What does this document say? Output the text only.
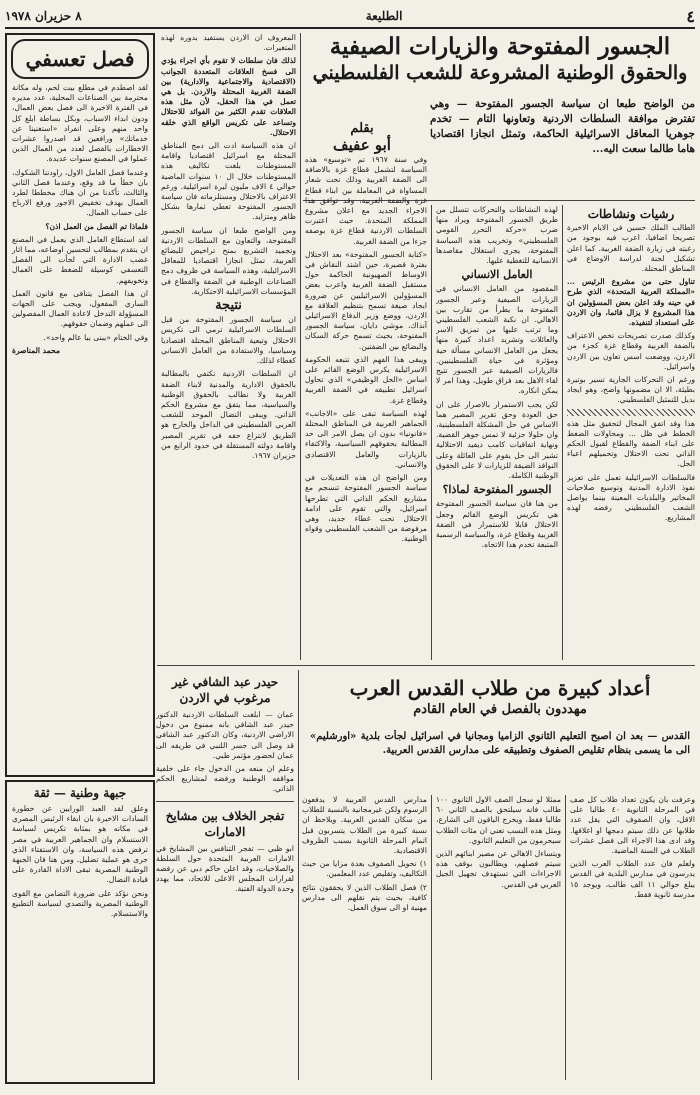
٤
الطليعة
٨ حزيران ١٩٧٨
الجسور المفتوحة والزيارات الصيفية
والحقوق الوطنية المشروعة للشعب الفلسطيني
من الواضح طبعا ان سياسة الجسور المفتوحة — وهي تفترض موافقة السلطات الاردنية وتعاونها التام — تخدم جوهريا المعاقل الاسرائيلية الحاكمة، وتمثل انجازا اقتصاديا هاما طالما سعت اليه...
بقلم
أبو عفيف
رشيات ونشاطات

الطالب الملك حسين في الايام الاخيرة تصريحا اضافيا، اعرب فيه بوجود من رغبته في زيارة الضفة الغربية. كما اعلن تشكيل لجنة لدراسة الاوضاع في المناطق المحتلة.

تناول حتى من مشروع الرئيس ... «المملكة العربية المتحدة» الذي طرح في حينه وقد اعلن بعض المسؤولين ان هذا المشروع لا يزال قائما، وان الاردن على استعداد لتنفيذه.

وكذلك صدرت تصريحات تخص الاعتراف بالضفة الغربية وقطاع غزة كجزء من الاردن، ووضعت اسس تعاون بين الاردن واسرائيل.

ورغم ان التحركات الجارية تسير بوتيرة بطيئة، الا ان مضمونها واضح، وهو ايجاد بديل للتمثيل الفلسطيني.

هذا وقد اتفق المجال لتحقيق مثل هذه الخطط في ظل ... ومحاولات الضغط على ابناء الضفة والقطاع لقبول الحكم الذاتي تحت الاحتلال وتحميلهم اعباء الحل.

فالسلطات الاسرائيلية تعمل على تعزيز نفوذ الادارة المدنية وتوسيع صلاحيات المخاتير والبلديات المعينة بينما يواصل الشعب الفلسطيني رفضه لهذه المشاريع.

لهذه النشاطات والتحركات تتسلل من طريق الجسور المفتوحة ويراد منها ضرب «حركة التحرر القومي الفلسطيني» وتخريب هذه السياسة المفتوحة، يجري استغلال مقاصدها الانسانية للتغطية عليها.

العامل الانساني

المقصود من العامل الانساني في الزيارات الصيفية وعبر الجسور المفتوحة ما يطرأ من تقارب بين الاهالي. ان نكبة الشعب الفلسطيني وما ترتب عليها من تمزيق الاسر والعائلات وتشريد اعداد كبيرة منها يجعل من العامل الانساني مسألة حية ومؤثرة في حياة الفلسطينيين. فالزيارات الصيفية عبر الجسور تتيح لقاء الاهل بعد فراق طويل، وهذا امر لا يمكن انكاره.

لكن يجب الاستمرار بالاصرار على ان حق العودة وحق تقرير المصير هما الاساس في حل المشكلة الفلسطينية، وان حلولا جزئية لا تمس جوهر القضية. ونهاية اتفاقيات كامب ديفيد الاحتلالية تشير الى حل يقوم على العائلة وعلى النوافذ الضيقة للزيارات لا على الحقوق الوطنية الكاملة.

الجسور المفتوحة لماذا؟

من هنا فان سياسة الجسور المفتوحة هي تكريس الوضع القائم وجعل الاحتلال قابلا للاستمرار في الضفة الغربية وقطاع غزة، والسياسة الرسمية المتبعة تخدم هذا الاتجاه.

وفي سنة ١٩٦٧ تم «توسيع» هذه السياسة لتشمل قطاع غزة بالاضافة الى الضفة الغربية وذلك تحت شعار المساواة في المعاملة بين ابناء قطاع غزة والضفة الغربية، وقد توافق هذا الاجراء الجديد مع اعلان مشروع المملكة المتحدة. حيث اعتبرت السلطات الاردنية قطاع غزة بوصفه جزءا من الضفة الغربية.

«كتابة الجسور المفتوحة» بعد الاحتلال بفترة قصيرة، حين اشتد النقاش في الاوساط الصهيونية الحاكمة حول مستقبل الضفة الغربية واعرب بعض المسؤولين الاسرائيليين عن ضرورة ايجاد صيغة تسمح بتنظيم العلاقة مع الاردن، ووضع وزير الدفاع الاسرائيلي آنذاك، موشي دايان، سياسة الجسور المفتوحة، بحيث تسمح حركة السكان والبضائع بين الضفتين.

ويبقى هذا الفهم الذي تتبعه الحكومة الاسرائيلية يكرس الوضع القائم على اساس «الحل الوظيفي» الذي تحاول اسرائيل تطبيقه في الضفة الغربية وقطاع غزة.

لهذه السياسة تبقى على «الاجانب» الجماهير العربية في المناطق المحتلة «قانونيا» بدون ان يصل الامر الى حد المطالبة بحقوقهم السياسية، والاكتفاء بالزيارات والعامل الاقتصادي والانساني.

ومن الواضح ان هذه التعديلات في سياسة الجسور المفتوحة تنسجم مع مشاريع الحكم الذاتي التي تطرحها اسرائيل، والتي تقوم على ادامة الاحتلال تحت غطاء جديد، وهي مرفوضة من الشعب الفلسطيني وقواه الوطنية.

المعروف ان الاردن يستفيد بدوره لهذه المتغيرات.

لذلك فان سلطات لا تقوم بأي اجراء يؤدي الى فسخ العلاقات المتعددة الجوانب (الاقتصادية والاجتماعية والادارية) بين الضفة الغربية المحتلة والاردن. بل هي تعمل في هذا الحقل، لأن مثل هذه العلاقات تقدم الكثير من الفوائد للاحتلال وتساعد على تكريس الواقع الذي خلقه الاحتلال.

ان هذه السياسة ادت الى دمج المناطق المحتلة مع اسرائيل اقتصاديا واقامة المستوطنات بلغت تكاليف هذه المستوطنات خلال ال ١٠ سنوات الماضية حوالي ٤ الاف مليون ليرة اسرائيلية. ورغم الاعتراف بالاحتلال ومستلزماته فان سياسة الجسور المفتوحة تعطي ثمارها بشكل ظاهر ومتزايد.

ومن الواضح طبعا ان سياسة الجسور المفتوحة، والتعاون مع السلطات الاردنية وتجميد التشريع بمنح تراخيص للبضائع العربية، تمثل انجازا اقتصاديا للمعاقل الاسرائيلية، وهذه السياسة في ظروف دمج الصناعات الوطنية في الضفة والقطاع في المؤسسات الاسرائيلية الاحتكارية.

نتيجة

ان سياسة الجسور المفتوحة من قبل السلطات الاسرائيلية ترمي الى تكريس الاحتلال وتبعية المناطق المحتلة اقتصاديا وسياسيا، والاستفادة من العامل الانساني كغطاء لذلك.

ان السلطات الاردنية تكتفي بالمطالبة بالحقوق الادارية والمدنية لابناء الضفة الغربية ولا تطالب بالحقوق الوطنية والسياسية، مما يتفق مع مشروع الحكم الذاتي. ويبقى النضال الموحد للشعب العربي الفلسطيني في الداخل والخارج هو الطريق لانتزاع حقه في تقرير المصير واقامة دولته المستقلة في حدود الرابع من حزيران ١٩٦٧.

فصل تعسفي

لقد اصطدم في مطلع بيت لحم، وله مكانة محترمة بين الصناعات المحلية، عدد مديره في الفترة الاخيرة الى فصل بعض العمال، ودون ابداء الاسباب، وبكل بساطة ابلغ كل واحد منهم وعلى انفراد «استغنينا عن خدماتك» ورافعين قد اصدروا عشرات الاخطارات بالفصل لعدد من العمال الذين عملوا في المصنع سنوات عديدة.

وعندما فصل العامل الاول، راودتنا الشكوك، بان خطأ ما قد وقع، وعندما فصل الثاني والثالث، تأكدنا من ان هناك مخططا لطرد العمال بهدف تخفيض الاجور ورفع الارباح على حساب العمال.

فلماذا تم الفصل من العمل اذن؟

لقد استطاع العامل الذي يعمل في المصنع ان يتقدم بمطالب لتحسين اوضاعه، مما اثار غضب الادارة التي لجأت الى الفصل التعسفي كوسيلة للضغط على العمال وتخويفهم.

ان هذا الفصل يتنافى مع قانون العمل الساري المفعول، ويجب على الجهات المسؤولة التدخل لاعادة العمال المفصولين الى عملهم وضمان حقوقهم.

وفي الختام «يبنى بيا عالم واحد».

محمد المناصرة

جبهة وطنية — ثقة

وعلق لقد العبد الورايين عن خطورة السادات الاخيرة بان ابقاء الرئيس المصري في مكانه هو بمثابة تكريس لسياسة الاستسلام وان الجماهير العربية في مصر ترفض هذه السياسة، وان الاستفتاء الذي جرى هو عملية تضليل. ومن هنا فان الجبهة الوطنية المصرية تبقى الاداة القادرة على قيادة النضال.

ونحن نؤكد على ضرورة التضامن مع القوى الوطنية المصرية والتصدي لسياسة التطبيع والاستسلام.

أعداد كبيرة من طلاب القدس العرب
مهددون بالفصل في العام القادم
القدس — بعد ان اصبح التعليم الثانوي الزاميا ومجانيا في اسرائيل لجأت بلدية «اورشليم» الى ما يسمى بنظام تقليص الصفوف وتطبيقه على مدارس القدس العربية.

وعرفت بان يكون تعداد طلاب كل صف في المرحلة الثانوية ٤٠ طالبا على الاقل، وان الصفوف التي يقل عدد طلابها عن ذلك سيتم دمجها او اغلاقها. وقد ادى هذا الاجراء الى فصل عشرات الطلاب في السنة الماضية.

ولعلم فان عدد الطلاب العرب الذين يدرسون في مدارس البلدية في القدس يبلغ حوالي ١١ الف طالب، ويوجد ١٥ مدرسة ثانوية فقط.

ممثلا لو سجل الصف الاول الثانوي ١٠٠ طالب فانه سيلتحق بالصف الثاني ٦٠ طالبا فقط، ويخرج الباقون الى الشارع، ومثل هذه النسب تعني ان مئات الطلاب سيحرمون من التعليم الثانوي.

ويتساءل الاهالي عن مصير ابنائهم الذين سيتم فصلهم، ويطالبون بوقف هذه الاجراءات التي تستهدف تجهيل الجيل العربي في القدس.

مدارس القدس العربية لا يدفعون الرسوم ولكن غيرمجانية بالنسبة للطلاب من سكان القدس العربية. ويلاحظ ان نسبة كبيرة من الطلاب يتسربون قبل اتمام المرحلة الثانوية بسبب الظروف الاقتصادية.

١) تحويل الصفوف بعدة مزايا من حيث التكاليف، وتقليص عدد المعلمين.

٢) فصل الطلاب الذين لا يحققون نتائج كافية، بحيث يتم نقلهم الى مدارس مهنية او الى سوق العمل.

حيدر عبد الشافي غير مرغوب في الاردن

عمان — ابلغت السلطات الاردنية الدكتور حيدر عبد الشافي بانه ممنوع من دخول الاراضي الاردنية، وكان الدكتور عبد الشافي قد وصل الى جسر اللنبي في طريقه الى عمان لحضور مؤتمر طبي.

وعلم ان منعه من الدخول جاء على خلفية مواقفه الوطنية ورفضه لمشاريع الحكم الذاتي.

تفجر الخلاف بين مشايخ الامارات

ابو ظبي — تفجر التنافس بين المشايخ في الامارات العربية المتحدة حول السلطة والصلاحيات، وقد اعلن حاكم دبي عن رفضه لقرارات المجلس الاعلى للاتحاد، مما يهدد وحدة الدولة الفتية.
